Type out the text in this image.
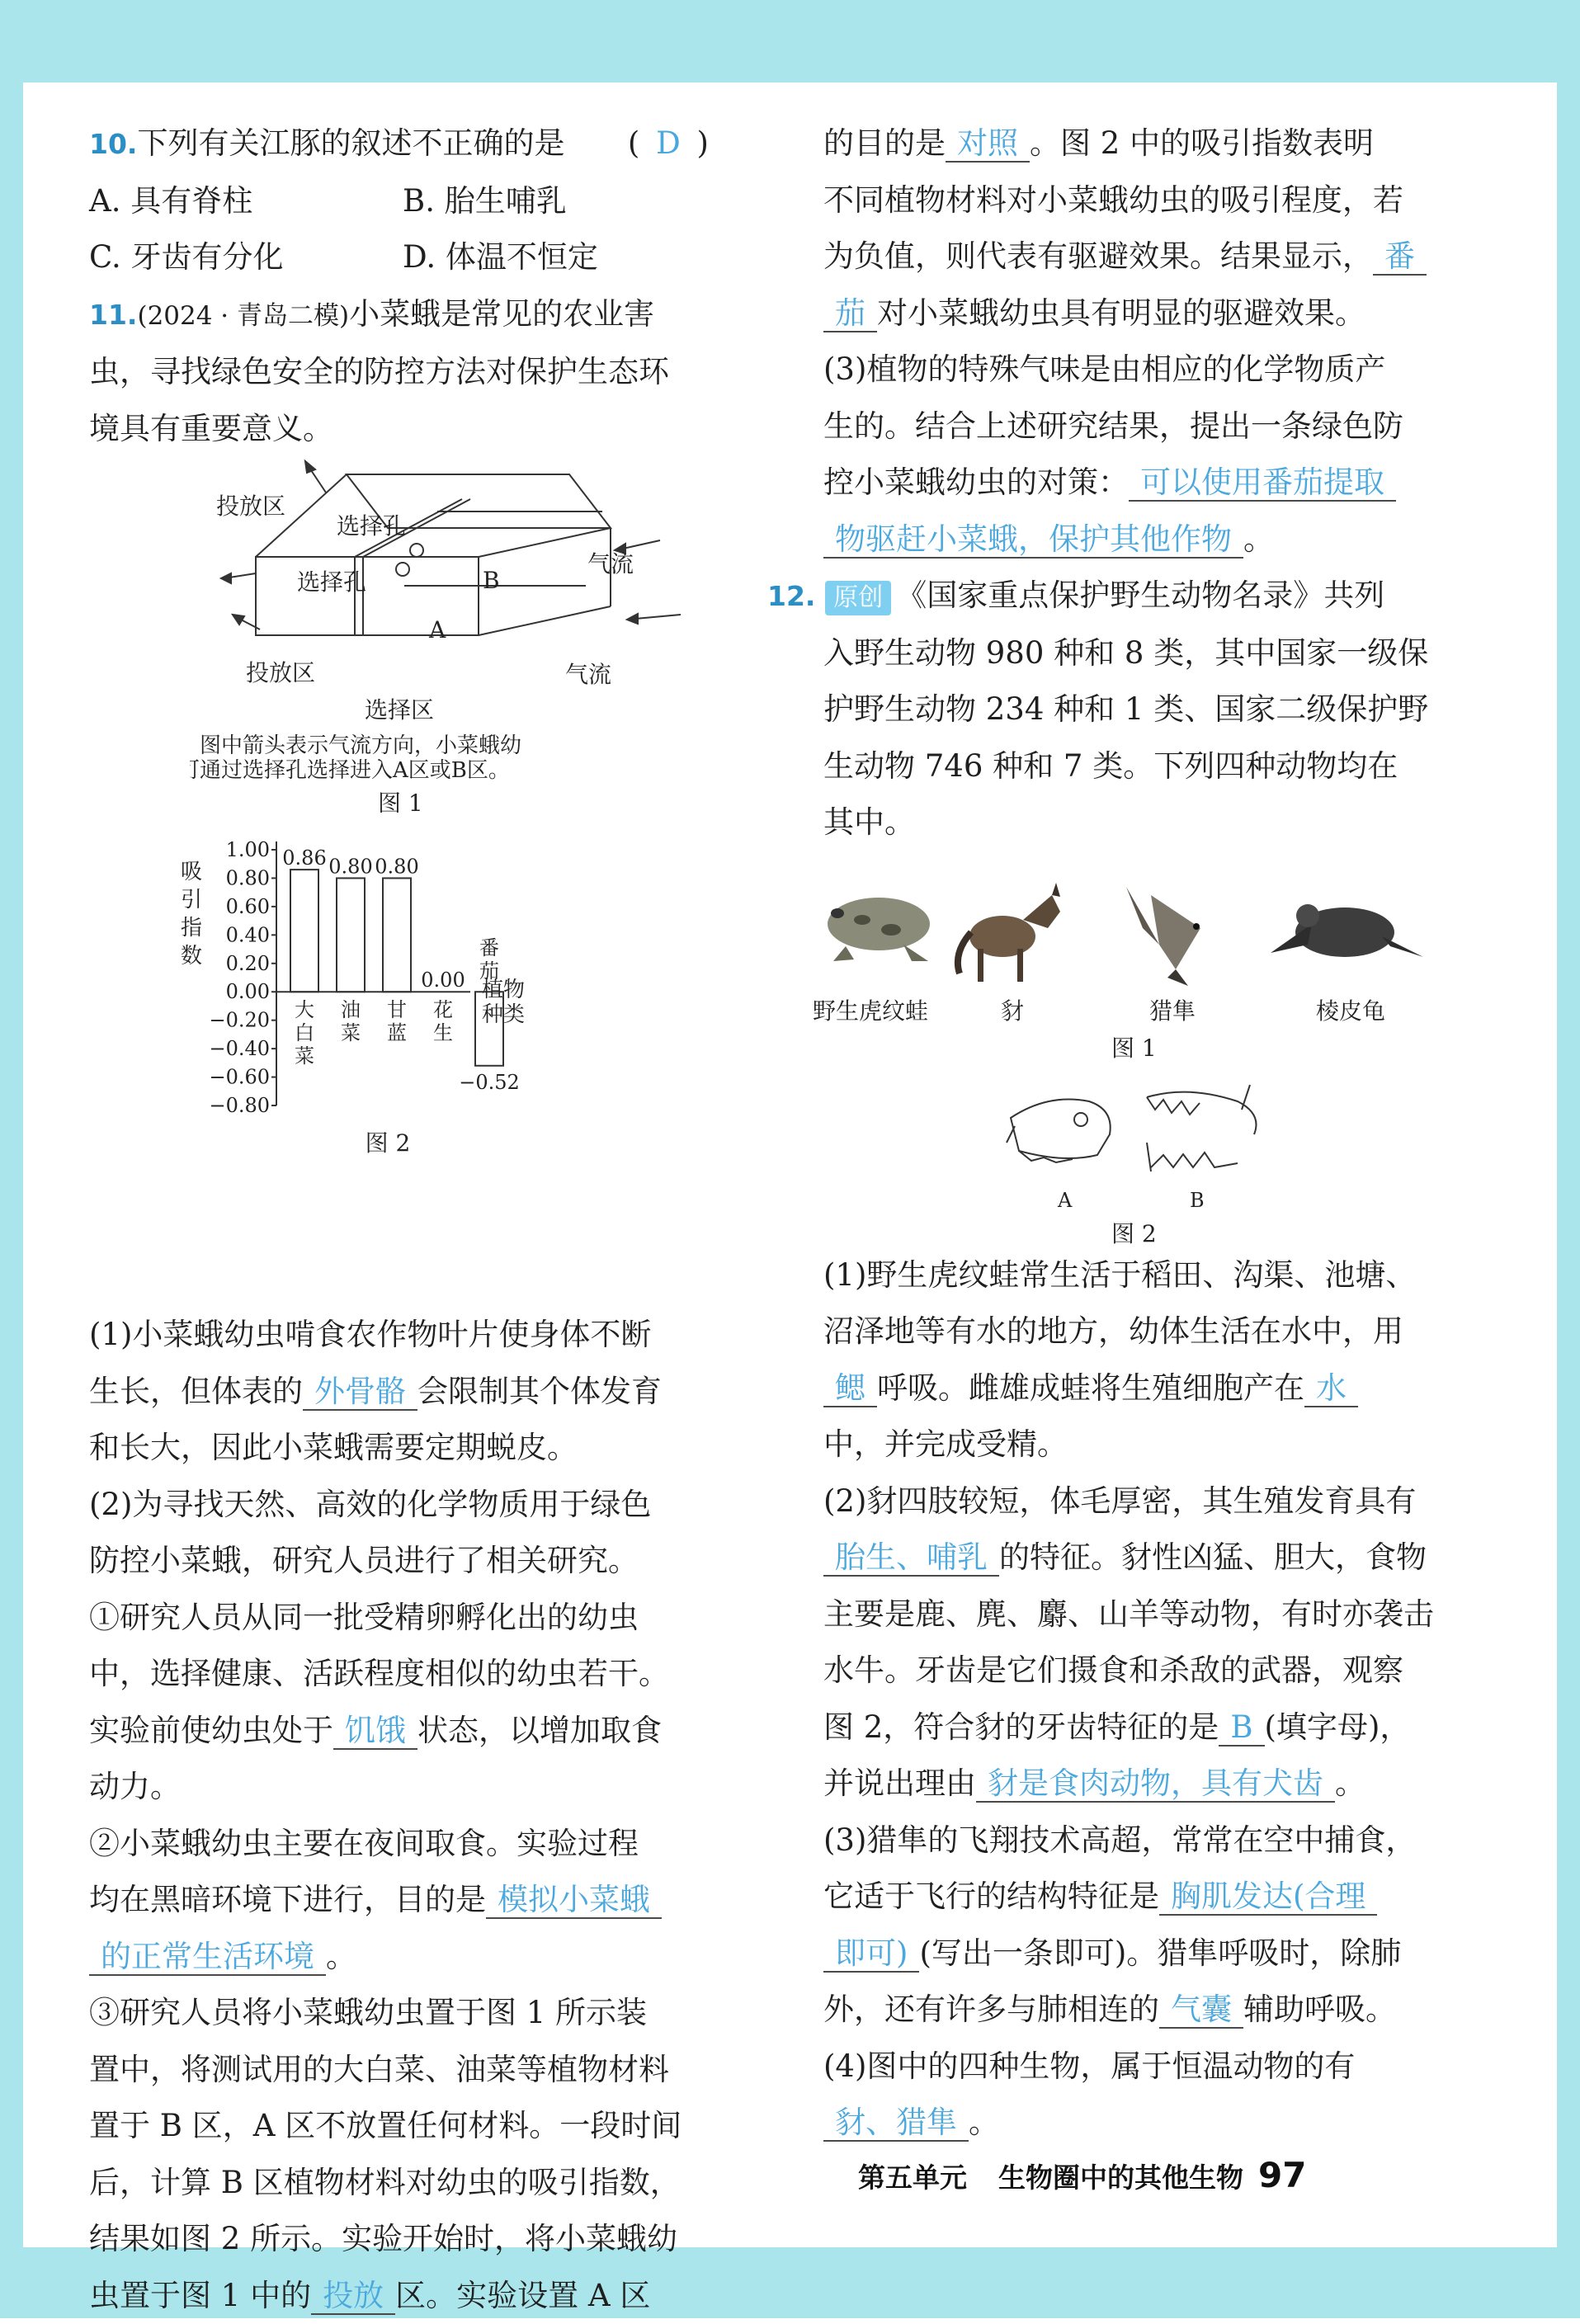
10.下列有关江豚的叙述不正确的是 ( D )

A. 具有脊柱	B. 胎生哺乳
C. 牙齿有分化	D. 体温不恒定

11.(2024 · 青岛二模)小菜蛾是常见的农业害

虫，寻找绿色安全的防控方法对保护生态环

境具有重要意义。

(1)小菜蛾幼虫啃食农作物叶片使身体不断

生长，但体表的 外骨骼 会限制其个体发育

和长大，因此小菜蛾需要定期蜕皮。

(2)为寻找天然、高效的化学物质用于绿色

防控小菜蛾，研究人员进行了相关研究。

①研究人员从同一批受精卵孵化出的幼虫

中，选择健康、活跃程度相似的幼虫若干。

实验前使幼虫处于 饥饿 状态，以增加取食

动力。

②小菜蛾幼虫主要在夜间取食。实验过程

均在黑暗环境下进行，目的是 模拟小菜蛾

的正常生活环境 。

③研究人员将小菜蛾幼虫置于图 1 所示装

置中，将测试用的大白菜、油菜等植物材料

置于 B 区，A 区不放置任何材料。一段时间

后，计算 B 区植物材料对幼虫的吸引指数，

结果如图 2 所示。实验开始时，将小菜蛾幼

虫置于图 1 中的 投放 区。实验设置 A 区

投放区
选择孔
选择孔	B
A
气流
气流
投放区
选择区
注：图中箭头表示气流方向，小菜蛾幼
虫可通过选择孔选择进入A区或B区。
图 1
1.00
0.80
0.60
0.40
0.20
0.00
−0.20
−0.40
−0.60
−0.80
吸
引
指
数
0.86
大
白
菜
0.80
油
菜
0.80
甘
蓝
0.00
花
生
−0.52
番
茄
植物
种类
图 2

的目的是 对照 。图 2 中的吸引指数表明

不同植物材料对小菜蛾幼虫的吸引程度，若

为负值，则代表有驱避效果。结果显示， 番

茄 对小菜蛾幼虫具有明显的驱避效果。

(3)植物的特殊气味是由相应的化学物质产

生的。结合上述研究结果，提出一条绿色防

控小菜蛾幼虫的对策： 可以使用番茄提取

物驱赶小菜蛾，保护其他作物 。

12. 原创 《国家重点保护野生动物名录》共列

入野生动物 980 种和 8 类，其中国家一级保

护野生动物 234 种和 1 类、国家二级保护野

生动物 746 种和 7 类。下列四种动物均在

其中。

(1)野生虎纹蛙常生活于稻田、沟渠、池塘、

沼泽地等有水的地方，幼体生活在水中，用

鳃 呼吸。雌雄成蛙将生殖细胞产在 水

中，并完成受精。

(2)豺四肢较短，体毛厚密，其生殖发育具有

胎生、哺乳 的特征。豺性凶猛、胆大，食物

主要是鹿、麂、麝、山羊等动物，有时亦袭击

水牛。牙齿是它们摄食和杀敌的武器，观察

图 2，符合豺的牙齿特征的是 B (填字母)，

并说出理由 豺是食肉动物，具有犬齿 。

(3)猎隼的飞翔技术高超，常常在空中捕食，

它适于飞行的结构特征是 胸肌发达(合理

即可) (写出一条即可)。猎隼呼吸时，除肺

外，还有许多与肺相连的 气囊 辅助呼吸。

(4)图中的四种生物，属于恒温动物的有

豺、猎隼 。

野生虎纹蛙	豺	猎隼	棱皮龟
图 1
A	B
图 2
第五单元 生物圈中的其他生物 97
